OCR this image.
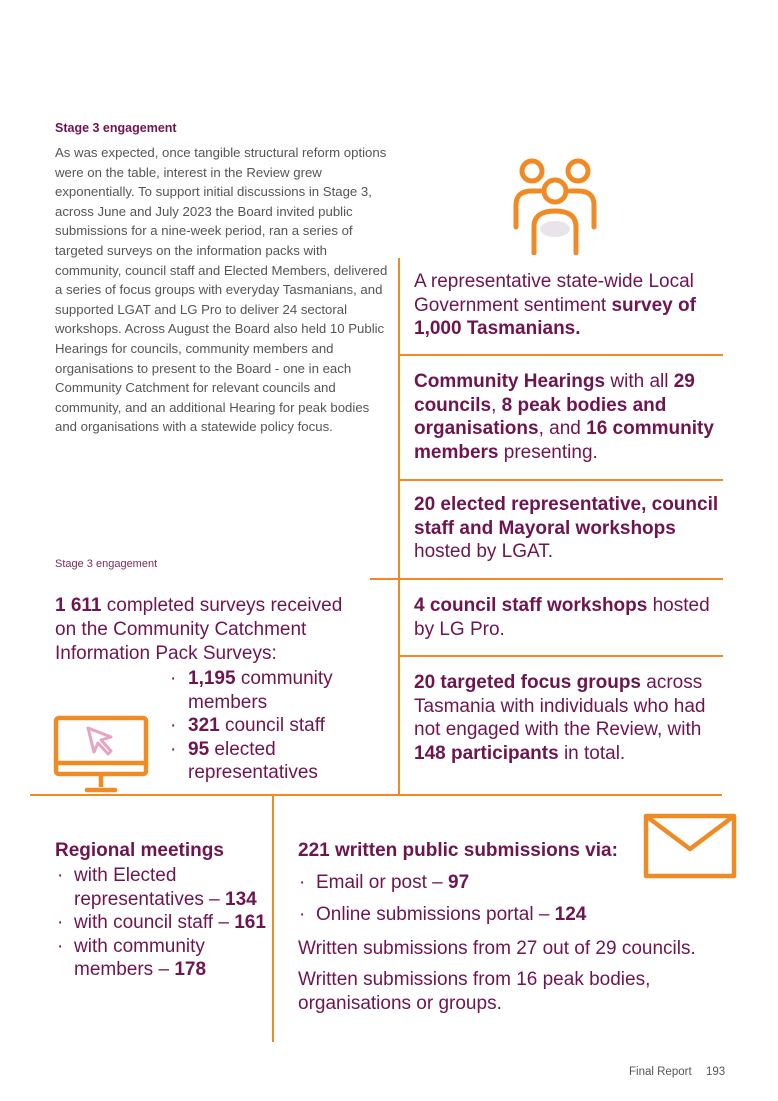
Stage 3 engagement
As was expected, once tangible structural reform options were on the table, interest in the Review grew exponentially. To support initial discussions in Stage 3, across June and July 2023 the Board invited public submissions for a nine-week period, ran a series of targeted surveys on the information packs with community, council staff and Elected Members, delivered a series of focus groups with everyday Tasmanians, and supported LGAT and LG Pro to deliver 24 sectoral workshops. Across August the Board also held 10 Public Hearings for councils, community members and organisations to present to the Board - one in each Community Catchment for relevant councils and community, and an additional Hearing for peak bodies and organisations with a statewide policy focus.
A representative state-wide Local Government sentiment survey of 1,000 Tasmanians.
Community Hearings with all 29 councils, 8 peak bodies and organisations, and 16 community members presenting.
20 elected representative, council staff and Mayoral workshops hosted by LGAT.
4 council staff workshops hosted by LG Pro.
20 targeted focus groups across Tasmania with individuals who had not engaged with the Review, with 148 participants in total.
Stage 3 engagement
1 611 completed surveys received on the Community Catchment Information Pack Surveys:
· 1,195 community members
· 321 council staff
· 95 elected representatives
Regional meetings
· with Elected representatives – 134
· with council staff – 161
· with community members – 178
221 written public submissions via:
· Email or post – 97
· Online submissions portal – 124
Written submissions from 27 out of 29 councils.
Written submissions from 16 peak bodies, organisations or groups.
Final Report 193
